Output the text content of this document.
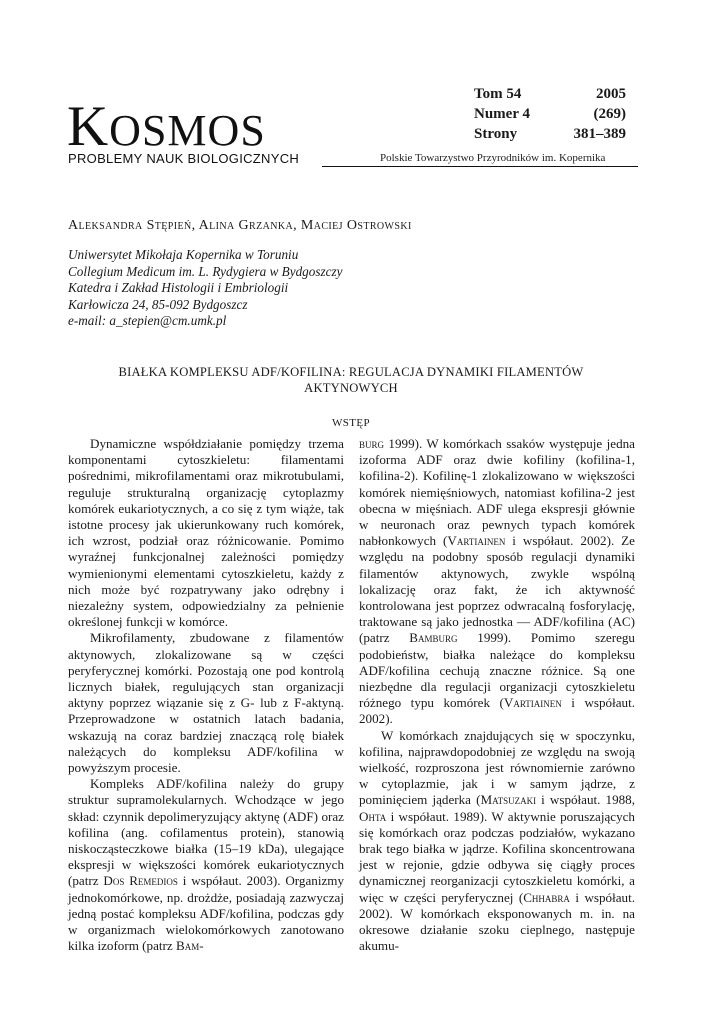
KOSMOS
PROBLEMY NAUK BIOLOGICZNYCH	Polskie Towarzystwo Przyrodników im. Kopernika
Tom 54	2005
Numer 4	(269)
Strony	381–389
Aleksandra Stępień, Alina Grzanka, Maciej Ostrowski
Uniwersytet Mikołaja Kopernika w Toruniu
Collegium Medicum im. L. Rydygiera w Bydgoszczy
Katedra i Zakład Histologii i Embriologii
Karłowicza 24, 85-092 Bydgoszcz
e-mail: a_stepien@cm.umk.pl
BIAŁKA KOMPLEKSU ADF/KOFILINA: REGULACJA DYNAMIKI FILAMENTÓW
AKTYNOWYCH
WSTĘP

Dynamiczne współdziałanie pomiędzy trzema komponentami cytoszkieletu: filamentami pośrednimi, mikrofilamentami oraz mikrotubulami, reguluje strukturalną organizację cytoplazmy komórek eukariotycznych, a co się z tym wiąże, tak istotne procesy jak ukierunkowany ruch komórek, ich wzrost, podział oraz różnicowanie. Pomimo wyraźnej funkcjonalnej zależności pomiędzy wymienionymi elementami cytoszkieletu, każdy z nich może być rozpatrywany jako odrębny i niezależny system, odpowiedzialny za pełnienie określonej funkcji w komórce.

Mikrofilamenty, zbudowane z filamentów aktynowych, zlokalizowane są w części peryferycznej komórki. Pozostają one pod kontrolą licznych białek, regulujących stan organizacji aktyny poprzez wiązanie się z G- lub z F-aktyną. Przeprowadzone w ostatnich latach badania, wskazują na coraz bardziej znaczącą rolę białek należących do kompleksu ADF/kofilina w powyższym procesie.

Kompleks ADF/kofilina należy do grupy struktur supramolekularnych. Wchodzące w jego skład: czynnik depolimeryzujący aktynę (ADF) oraz kofilina (ang. cofilamentus protein), stanowią niskocząsteczkowe białka (15–19 kDa), ulegające ekspresji w większości komórek eukariotycznych (patrz Dos Remedios i współaut. 2003). Organizmy jednokomórkowe, np. drożdże, posiadają zazwyczaj jedną postać kompleksu ADF/kofilina, podczas gdy w organizmach wielokomórkowych zanotowano kilka izoform (patrz Bam-

burg 1999). W komórkach ssaków występuje jedna izoforma ADF oraz dwie kofiliny (kofilina-1, kofilina-2). Kofilinę-1 zlokalizowano w większości komórek niemięśniowych, natomiast kofilina-2 jest obecna w mięśniach. ADF ulega ekspresji głównie w neuronach oraz pewnych typach komórek nabłonkowych (Vartiainen i współaut. 2002). Ze względu na podobny sposób regulacji dynamiki filamentów aktynowych, zwykle wspólną lokalizację oraz fakt, że ich aktywność kontrolowana jest poprzez odwracalną fosforylację, traktowane są jako jednostka — ADF/kofilina (AC) (patrz Bamburg 1999). Pomimo szeregu podobieństw, białka należące do kompleksu ADF/kofilina cechują znaczne różnice. Są one niezbędne dla regulacji organizacji cytoszkieletu różnego typu komórek (Vartiainen i współaut. 2002).

W komórkach znajdujących się w spoczynku, kofilina, najprawdopodobniej ze względu na swoją wielkość, rozproszona jest równomiernie zarówno w cytoplazmie, jak i w samym jądrze, z pominięciem jąderka (Matsuzaki i współaut. 1988, Ohta i współaut. 1989). W aktywnie poruszających się komórkach oraz podczas podziałów, wykazano brak tego białka w jądrze. Kofilina skoncentrowana jest w rejonie, gdzie odbywa się ciągły proces dynamicznej reorganizacji cytoszkieletu komórki, a więc w części peryferycznej (Chhabra i współaut. 2002). W komórkach eksponowanych m. in. na okresowe działanie szoku cieplnego, następuje akumu-
